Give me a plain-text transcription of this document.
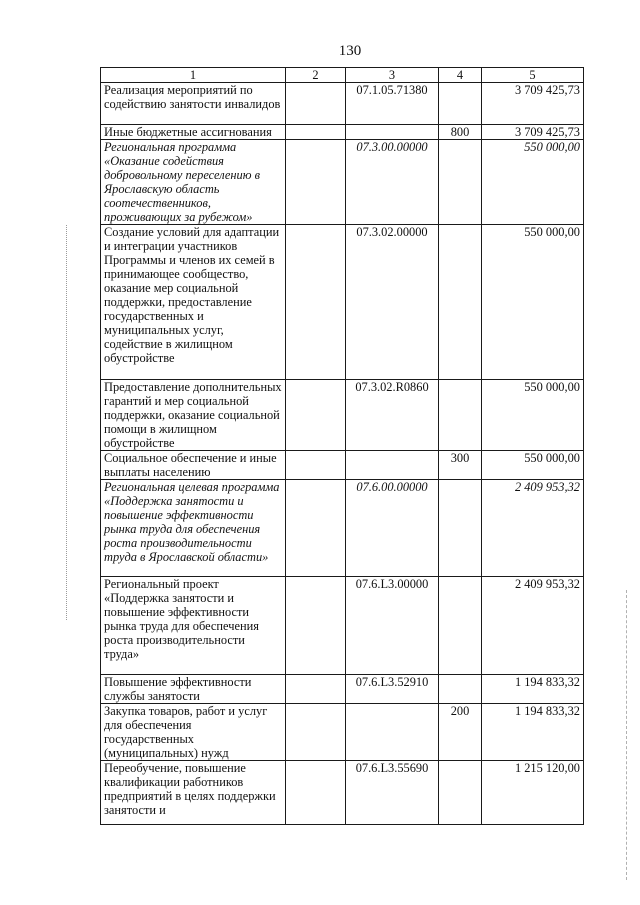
130
1	2	3	4	5
Реализация мероприятий по содействию занятости инвалидов		07.1.05.71380		3 709 425,73
Иные бюджетные ассигнования			800	3 709 425,73
Региональная программа «Оказание содействия добровольному переселению в Ярославскую область соотечественников, проживающих за рубежом»		07.3.00.00000		550 000,00
Создание условий для адаптации и интеграции участников Программы и членов их семей в принимающее сообщество, оказание мер социальной поддержки, предоставление государственных и муниципальных услуг, содействие в жилищном обустройстве		07.3.02.00000		550 000,00
Предоставление дополнительных гарантий и мер социальной поддержки, оказание социальной помощи в жилищном обустройстве		07.3.02.R0860		550 000,00
Социальное обеспечение и иные выплаты населению			300	550 000,00
Региональная целевая программа «Поддержка занятости и повышение эффективности рынка труда для обеспечения роста производительности труда в Ярославской области»		07.6.00.00000		2 409 953,32
Региональный проект «Поддержка занятости и повышение эффективности рынка труда для обеспечения роста производительности труда»		07.6.L3.00000		2 409 953,32
Повышение эффективности службы занятости		07.6.L3.52910		1 194 833,32
Закупка товаров, работ и услуг для обеспечения государственных (муниципальных) нужд			200	1 194 833,32
Переобучение, повышение квалификации работников предприятий в целях поддержки занятости и		07.6.L3.55690		1 215 120,00
